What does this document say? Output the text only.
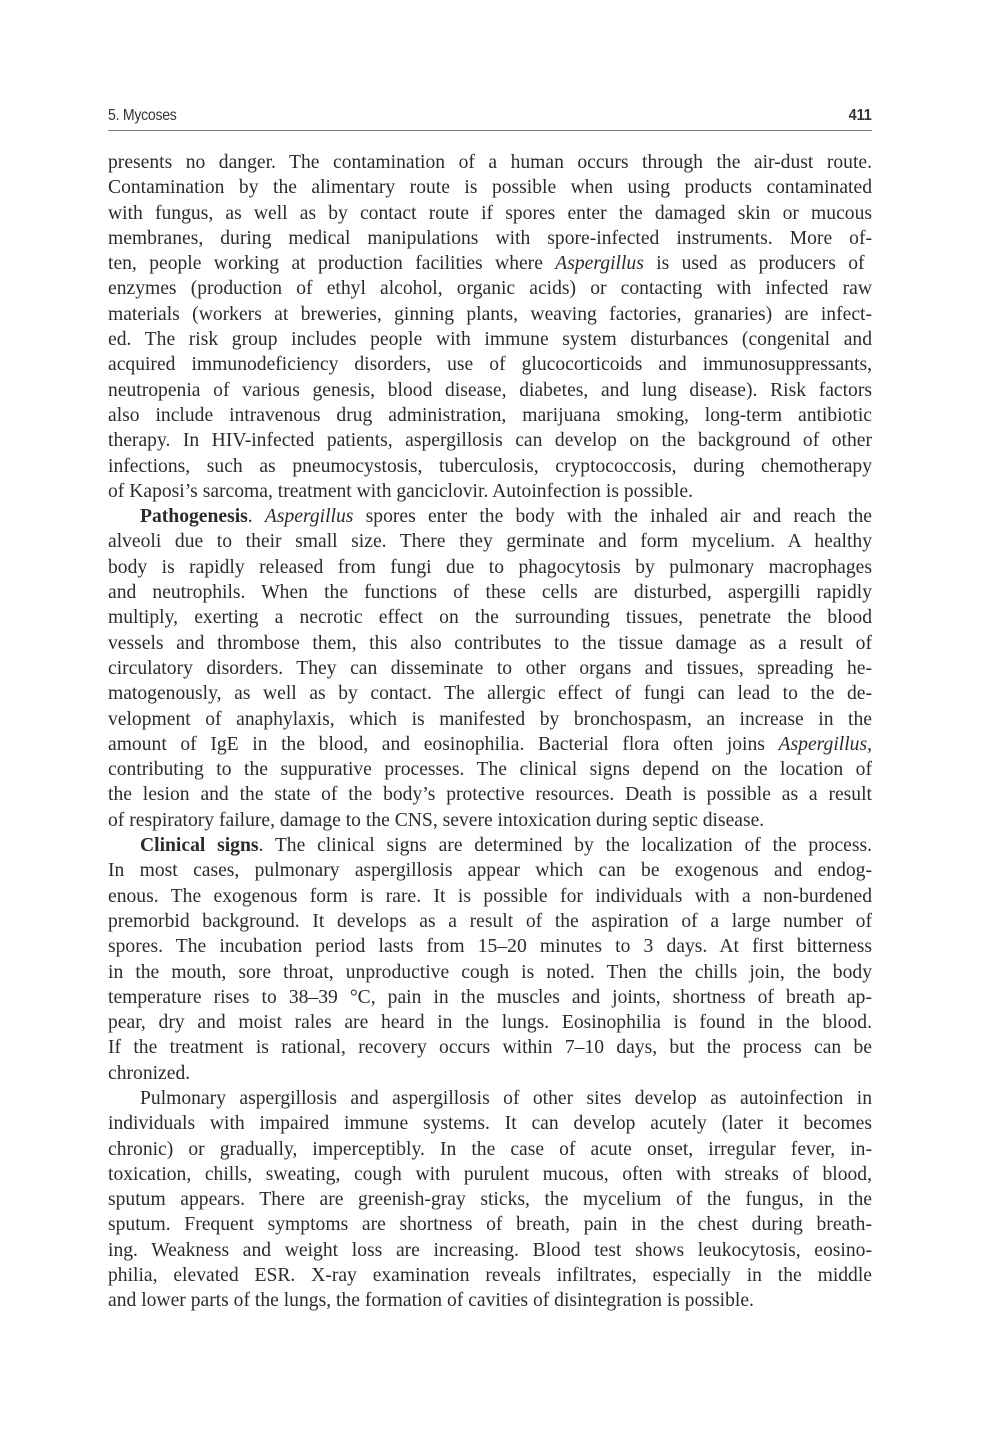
5. Mycoses	411

presents no danger. The contamination of a human occurs through the air-dust route.
Contamination by the alimentary route is possible when using products contaminated
with fungus, as well as by contact route if spores enter the damaged skin or mucous
membranes, during medical manipulations with spore-infected instruments. More of-
ten, people working at production facilities where Aspergillus is used as producers of
enzymes (production of ethyl alcohol, organic acids) or contacting with infected raw
materials (workers at breweries, ginning plants, weaving factories, granaries) are infect-
ed. The risk group includes people with immune system disturbances (congenital and
acquired immunodeficiency disorders, use of glucocorticoids and immunosuppressants,
neutropenia of various genesis, blood disease, diabetes, and lung disease). Risk factors
also include intravenous drug administration, marijuana smoking, long-term antibiotic
therapy. In HIV-infected patients, aspergillosis can develop on the background of other
infections, such as pneumocystosis, tuberculosis, cryptococcosis, during chemotherapy
of Kaposi’s sarcoma, treatment with ganciclovir. Autoinfection is possible.

Pathogenesis. Aspergillus spores enter the body with the inhaled air and reach the
alveoli due to their small size. There they germinate and form mycelium. A healthy
body is rapidly released from fungi due to phagocytosis by pulmonary macrophages
and neutrophils. When the functions of these cells are disturbed, aspergilli rapidly
multiply, exerting a necrotic effect on the surrounding tissues, penetrate the blood
vessels and thrombose them, this also contributes to the tissue damage as a result of
circulatory disorders. They can disseminate to other organs and tissues, spreading he-
matogenously, as well as by contact. The allergic effect of fungi can lead to the de-
velopment of anaphylaxis, which is manifested by bronchospasm, an increase in the
amount of IgE in the blood, and eosinophilia. Bacterial flora often joins Aspergillus,
contributing to the suppurative processes. The clinical signs depend on the location of
the lesion and the state of the body’s protective resources. Death is possible as a result
of respiratory failure, damage to the CNS, severe intoxication during septic disease.

Clinical signs. The clinical signs are determined by the localization of the process.
In most cases, pulmonary aspergillosis appear which can be exogenous and endog-
enous. The exogenous form is rare. It is possible for individuals with a non-burdened
premorbid background. It develops as a result of the aspiration of a large number of
spores. The incubation period lasts from 15–20 minutes to 3 days. At first bitterness
in the mouth, sore throat, unproductive cough is noted. Then the chills join, the body
temperature rises to 38–39 °C, pain in the muscles and joints, shortness of breath ap-
pear, dry and moist rales are heard in the lungs. Eosinophilia is found in the blood.
If the treatment is rational, recovery occurs within 7–10 days, but the process can be
chronized.

Pulmonary aspergillosis and aspergillosis of other sites develop as autoinfection in
individuals with impaired immune systems. It can develop acutely (later it becomes
chronic) or gradually, imperceptibly. In the case of acute onset, irregular fever, in-
toxication, chills, sweating, cough with purulent mucous, often with streaks of blood,
sputum appears. There are greenish-gray sticks, the mycelium of the fungus, in the
sputum. Frequent symptoms are shortness of breath, pain in the chest during breath-
ing. Weakness and weight loss are increasing. Blood test shows leukocytosis, eosino-
philia, elevated ESR. X-ray examination reveals infiltrates, especially in the middle
and lower parts of the lungs, the formation of cavities of disintegration is possible.
